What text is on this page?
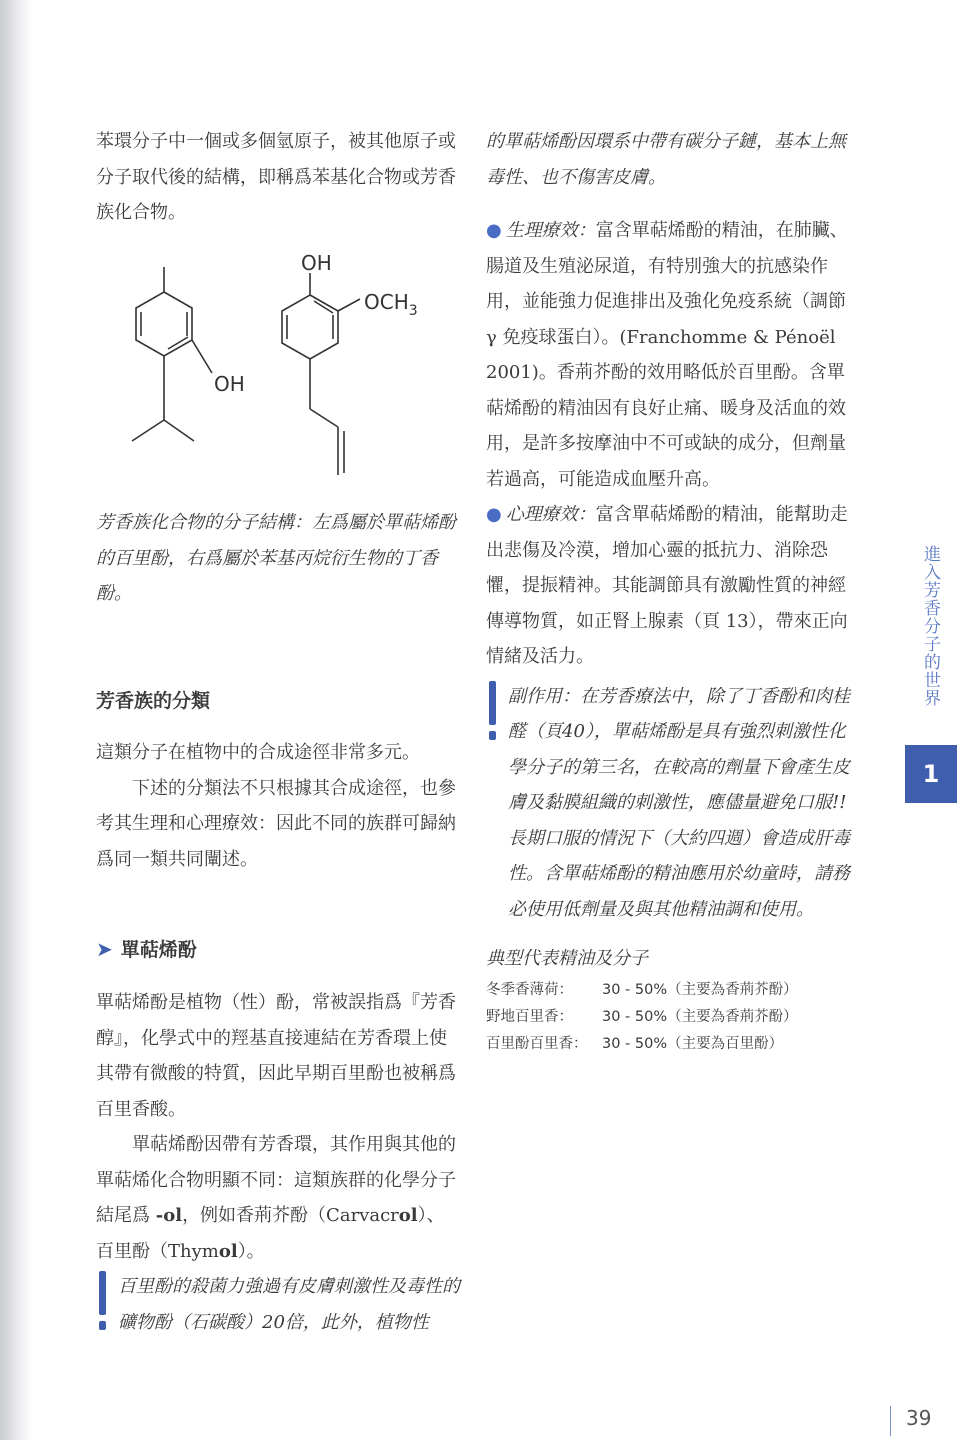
苯環分子中一個或多個氫原子，被其他原子或分子取代後的結構，即稱爲苯基化合物或芳香族化合物。

OH
OH
$OCH_3$

芳香族化合物的分子結構：左爲屬於單萜烯酚的百里酚，右爲屬於苯基丙烷衍生物的丁香酚。

芳香族的分類

這類分子在植物中的合成途徑非常多元。

下述的分類法不只根據其合成途徑，也參考其生理和心理療效：因此不同的族群可歸納爲同一類共同闡述。

➤ 單萜烯酚

單萜烯酚是植物（性）酚，常被誤指爲『芳香醇』，化學式中的羥基直接連結在芳香環上使其帶有微酸的特質，因此早期百里酚也被稱爲百里香酸。

單萜烯酚因帶有芳香環，其作用與其他的單萜烯化合物明顯不同：這類族群的化學分子結尾爲 -ol，例如香荊芥酚（Carvacrol）、百里酚（Thymol）。

百里酚的殺菌力強過有皮膚刺激性及毒性的礦物酚（石碳酸）20倍，此外，植物性

的單萜烯酚因環系中帶有碳分子鏈，基本上無毒性、也不傷害皮膚。

● 生理療效：富含單萜烯酚的精油，在肺臟、腸道及生殖泌尿道，有特別強大的抗感染作用，並能強力促進排出及強化免疫系統（調節 γ 免疫球蛋白）。(Franchomme & Pénoël 2001)。香荊芥酚的效用略低於百里酚。含單萜烯酚的精油因有良好止痛、暖身及活血的效用，是許多按摩油中不可或缺的成分，但劑量若過高，可能造成血壓升高。

● 心理療效：富含單萜烯酚的精油，能幫助走出悲傷及冷漠，增加心靈的抵抗力、消除恐懼，提振精神。其能調節具有激勵性質的神經傳導物質，如正腎上腺素（頁 13），帶來正向情緒及活力。

副作用：在芳香療法中，除了丁香酚和肉桂醛（頁40），單萜烯酚是具有強烈刺激性化學分子的第三名，在較高的劑量下會產生皮膚及黏膜組織的刺激性，應儘量避免口服!!長期口服的情況下（大約四週）會造成肝毒性。含單萜烯酚的精油應用於幼童時，請務必使用低劑量及與其他精油調和使用。

典型代表精油及分子

冬季香薄荷：	30 - 50%（主要為香荊芥酚）
野地百里香：	30 - 50%（主要為香荊芥酚）
百里酚百里香：	30 - 50%（主要為百里酚）
進入芳香分子的世界
1
39
